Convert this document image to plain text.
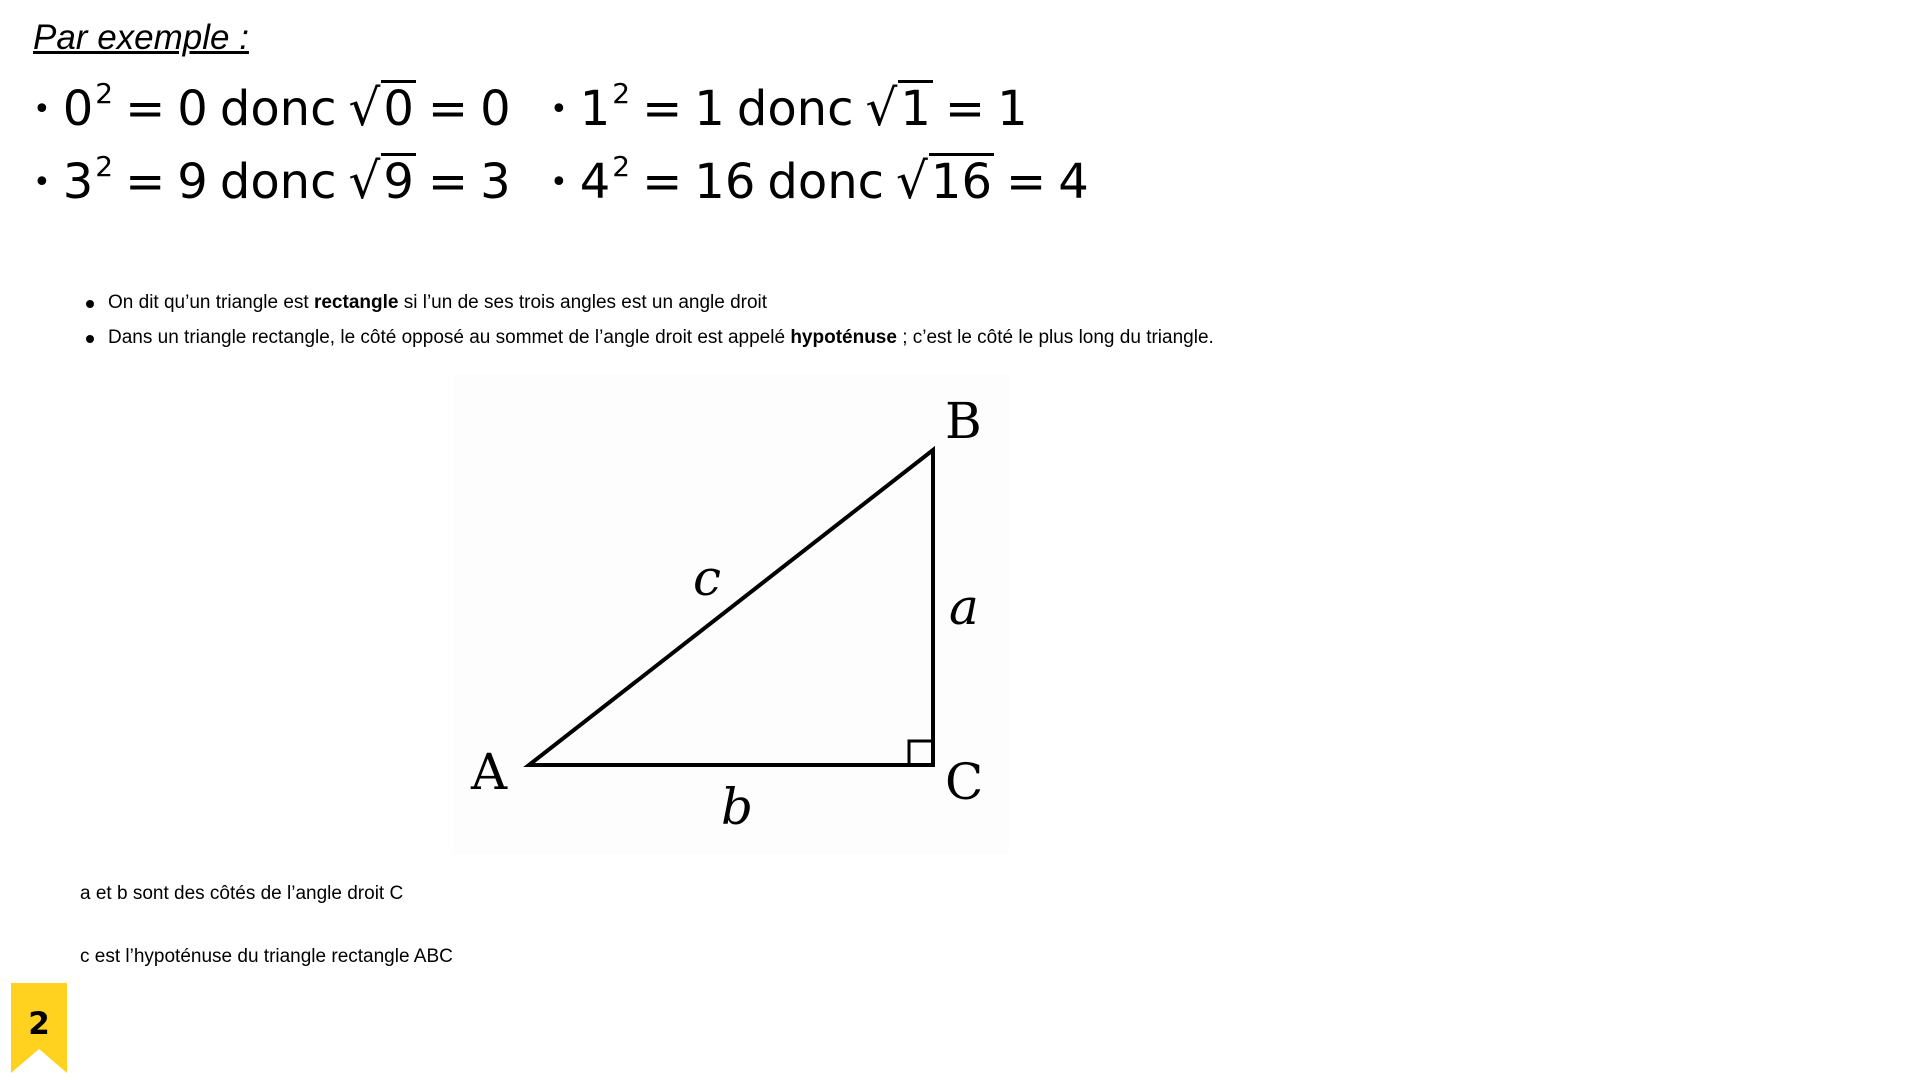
Par exemple :
• $0^2 = 0$ donc √ 0 = 0 • $1^2 = 1$ donc √ 1 = 1
• $3^2 = 9$ donc √ 9 = 3 • $4^2 = 16$ donc √ 16 = 4
On dit qu’un triangle est rectangle si l’un de ses trois angles est un angle droit
Dans un triangle rectangle, le côté opposé au sommet de l’angle droit est appelé hypoténuse ; c’est le côté le plus long du triangle.
A
B
C
a
b
c
a et b sont des côtés de l’angle droit C
c est l’hypoténuse du triangle rectangle ABC
2
